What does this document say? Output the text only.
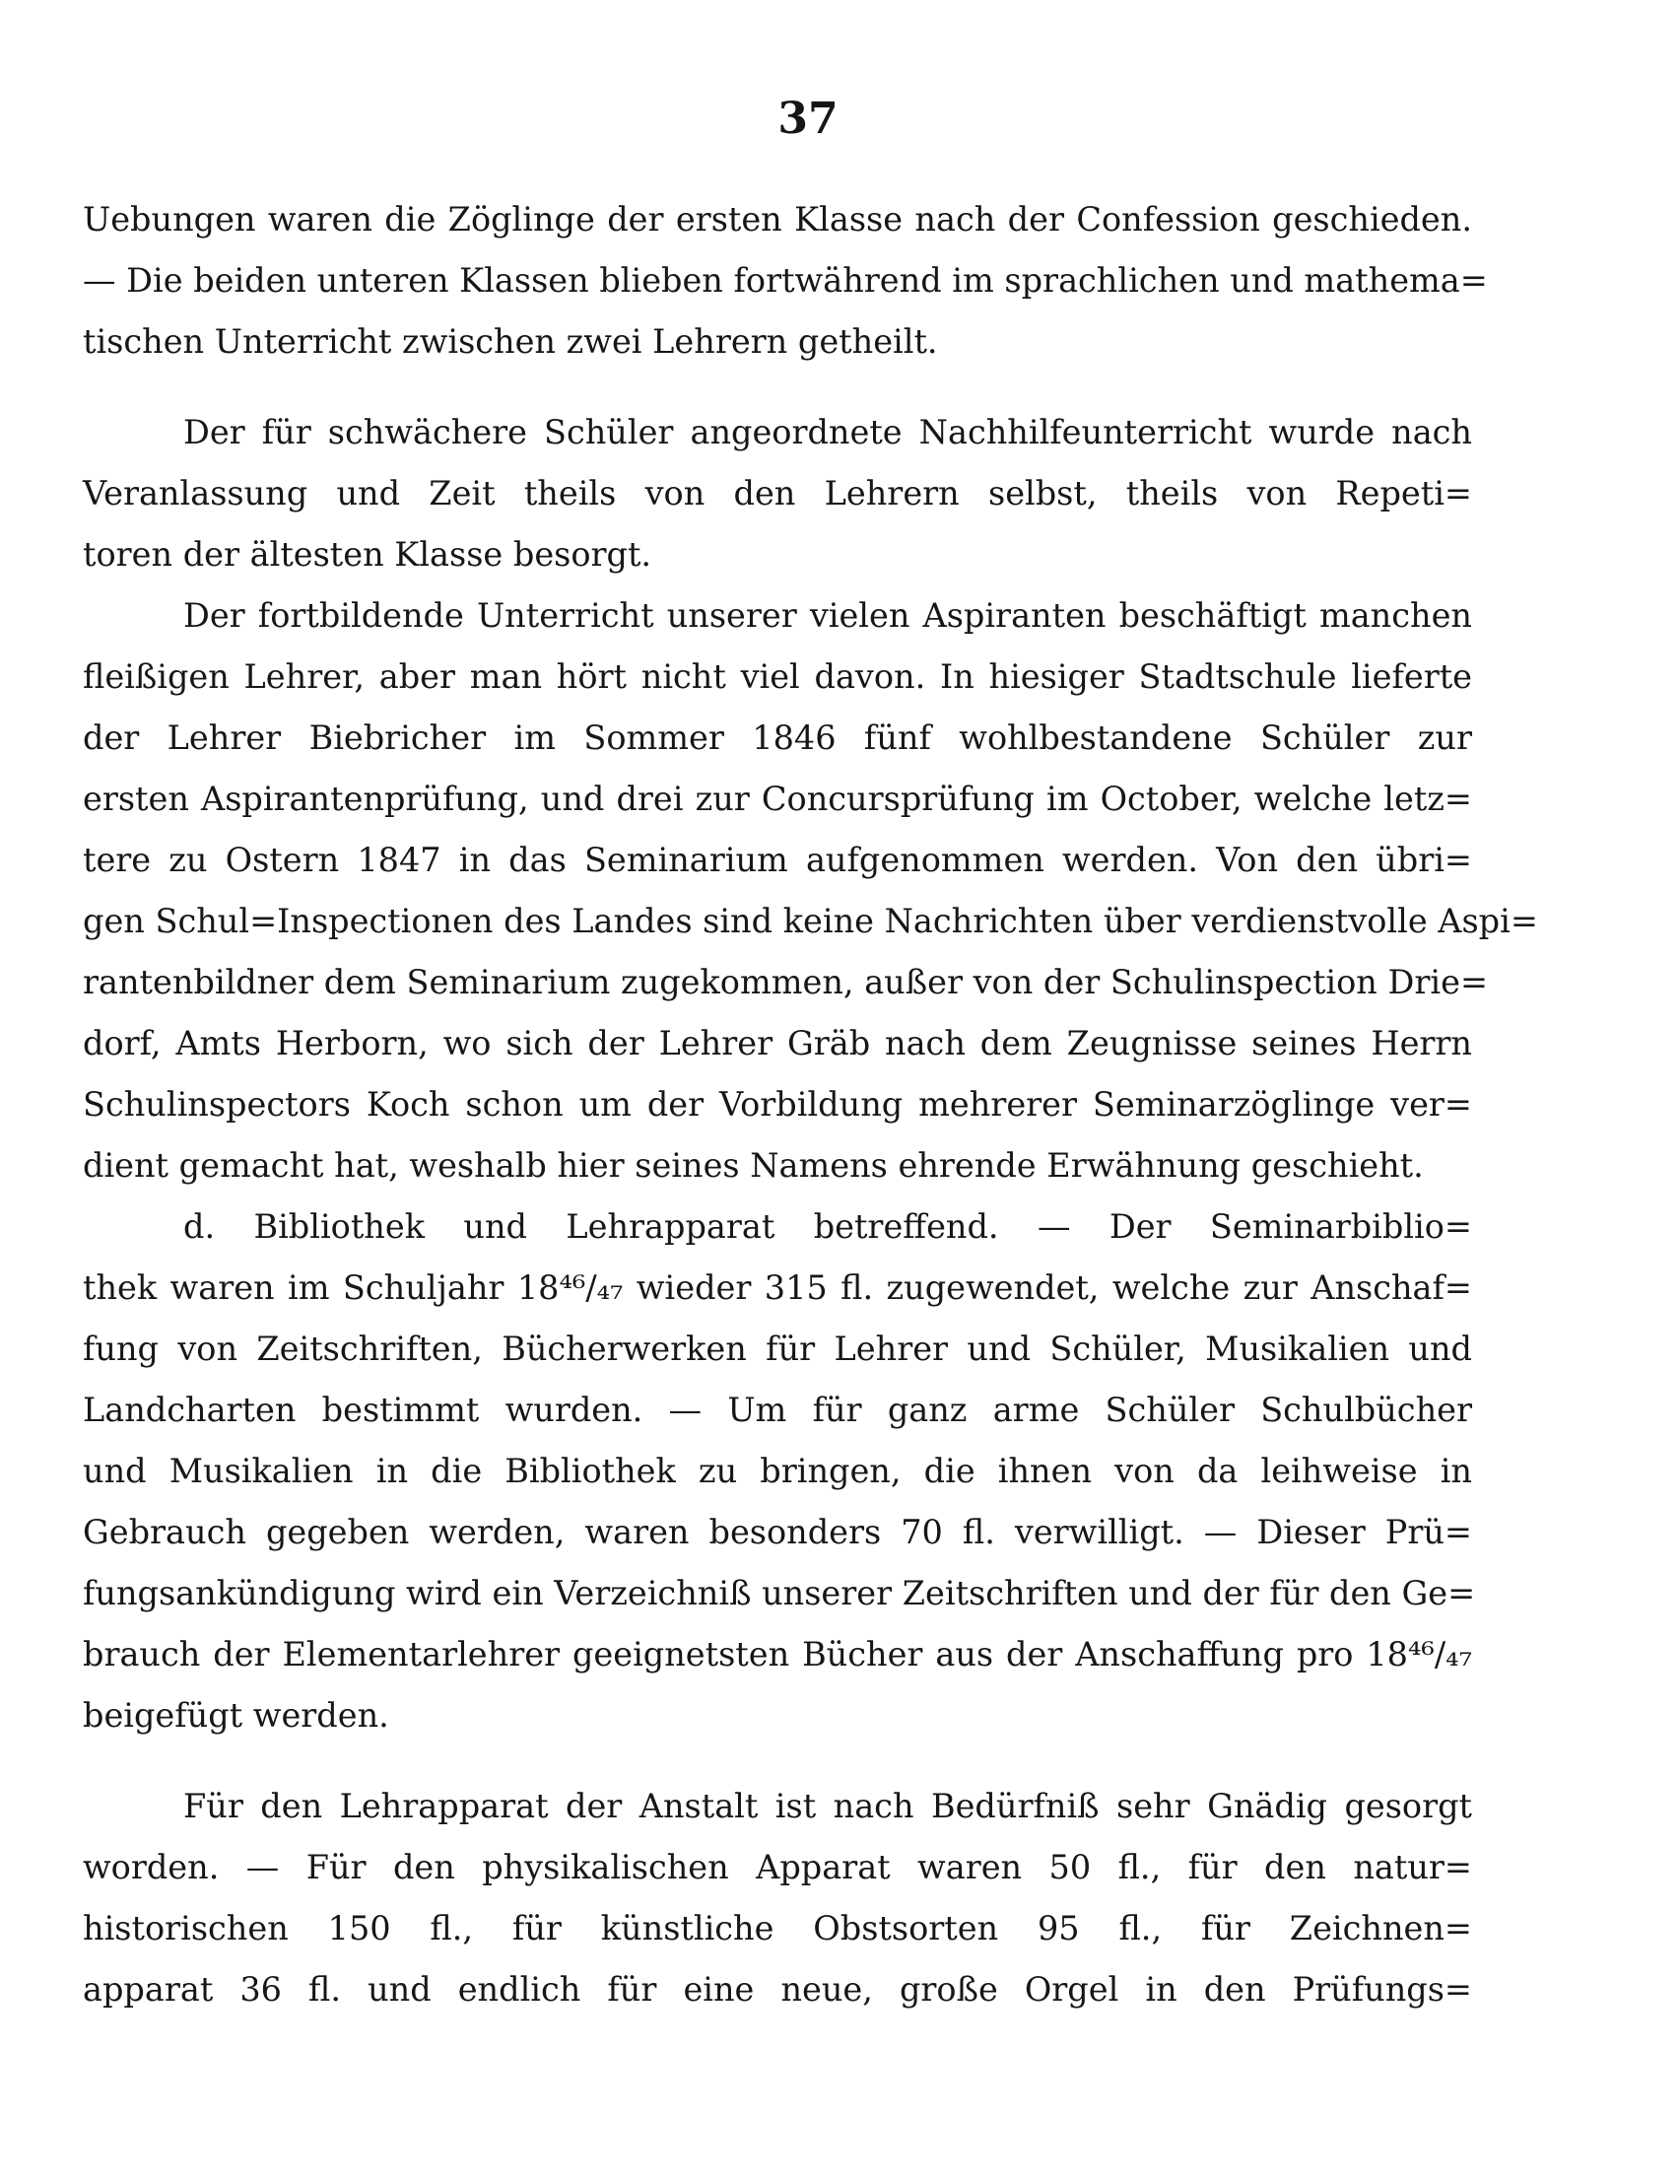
37
Uebungen waren die Zöglinge der ersten Klasse nach der Confession geschieden.
— Die beiden unteren Klassen blieben fortwährend im sprachlichen und mathema=
tischen Unterricht zwischen zwei Lehrern getheilt.
Der für schwächere Schüler angeordnete Nachhilfeunterricht wurde nach
Veranlassung und Zeit theils von den Lehrern selbst, theils von Repeti=
toren der ältesten Klasse besorgt.
Der fortbildende Unterricht unserer vielen Aspiranten beschäftigt manchen
fleißigen Lehrer, aber man hört nicht viel davon. In hiesiger Stadtschule lieferte
der Lehrer Biebricher im Sommer 1846 fünf wohlbestandene Schüler zur
ersten Aspirantenprüfung, und drei zur Concursprüfung im October, welche letz=
tere zu Ostern 1847 in das Seminarium aufgenommen werden. Von den übri=
gen Schul=Inspectionen des Landes sind keine Nachrichten über verdienstvolle Aspi=
rantenbildner dem Seminarium zugekommen, außer von der Schulinspection Drie=
dorf, Amts Herborn, wo sich der Lehrer Gräb nach dem Zeugnisse seines Herrn
Schulinspectors Koch schon um der Vorbildung mehrerer Seminarzöglinge ver=
dient gemacht hat, weshalb hier seines Namens ehrende Erwähnung geschieht.
d. Bibliothek und Lehrapparat betreffend. — Der Seminarbiblio=
thek waren im Schuljahr 18⁴⁶/₄₇ wieder 315 fl. zugewendet, welche zur Anschaf=
fung von Zeitschriften, Bücherwerken für Lehrer und Schüler, Musikalien und
Landcharten bestimmt wurden. — Um für ganz arme Schüler Schulbücher
und Musikalien in die Bibliothek zu bringen, die ihnen von da leihweise in
Gebrauch gegeben werden, waren besonders 70 fl. verwilligt. — Dieser Prü=
fungsankündigung wird ein Verzeichniß unserer Zeitschriften und der für den Ge=
brauch der Elementarlehrer geeignetsten Bücher aus der Anschaffung pro 18⁴⁶/₄₇
beigefügt werden.
Für den Lehrapparat der Anstalt ist nach Bedürfniß sehr Gnädig gesorgt
worden. — Für den physikalischen Apparat waren 50 fl., für den natur=
historischen 150 fl., für künstliche Obstsorten 95 fl., für Zeichnen=
apparat 36 fl. und endlich für eine neue, große Orgel in den Prüfungs=
